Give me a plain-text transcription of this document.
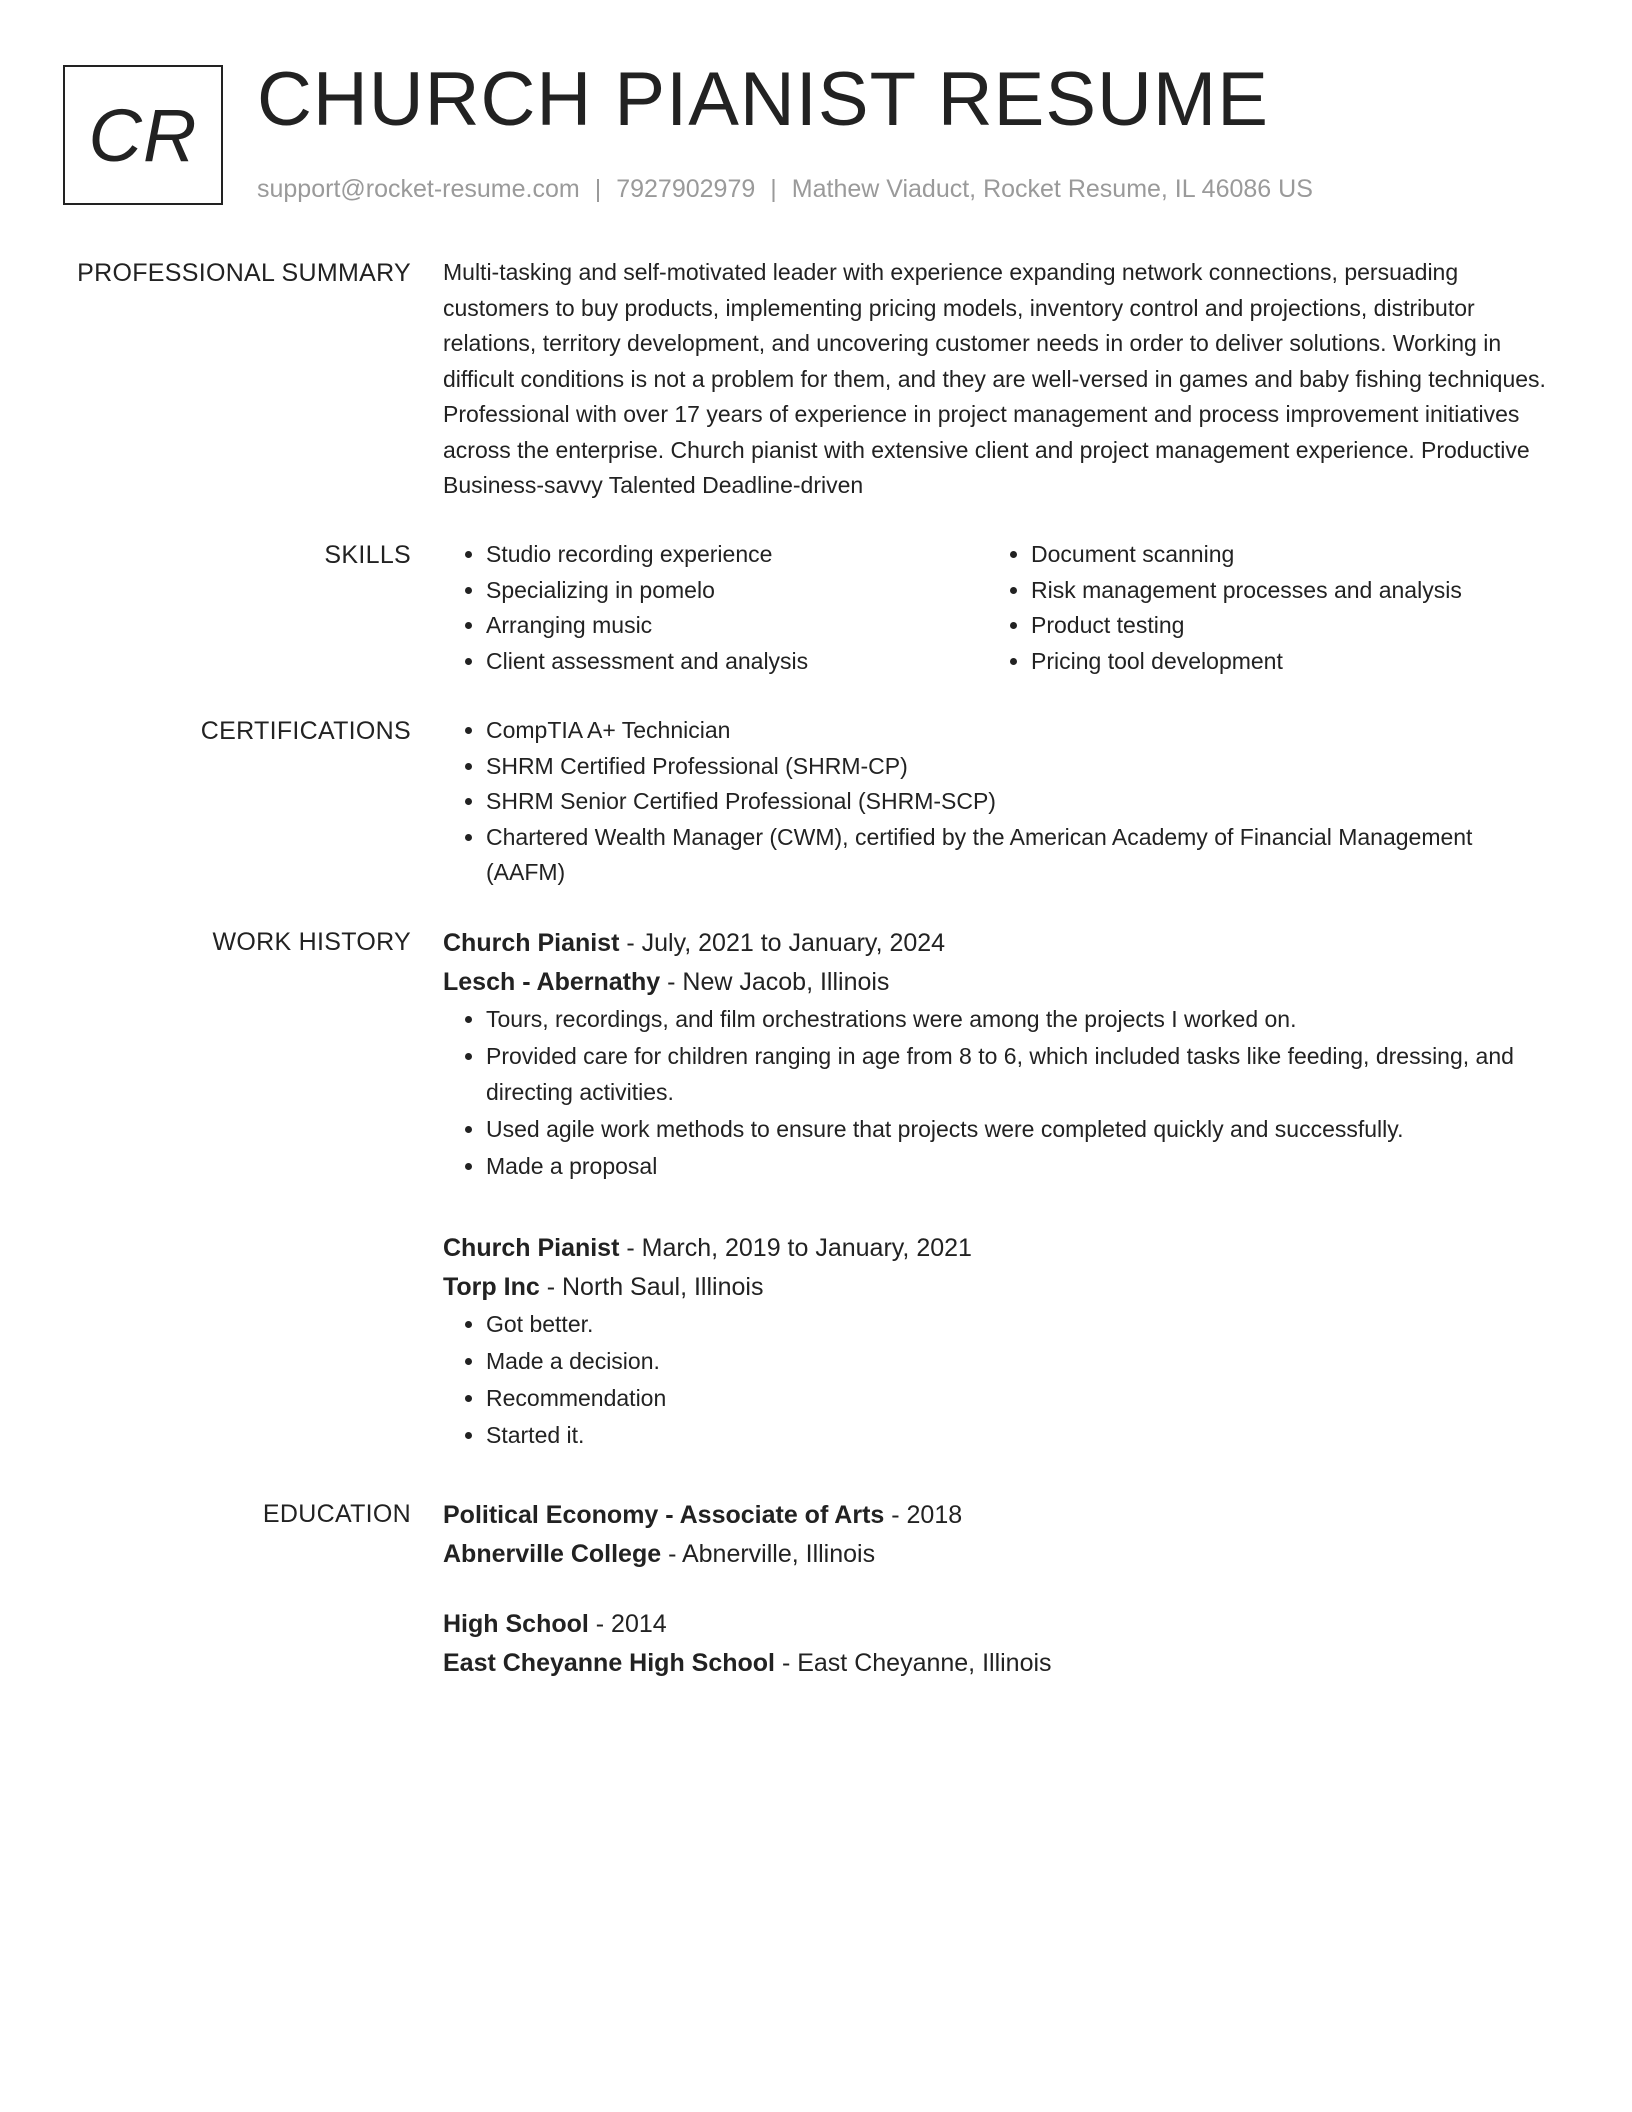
CR CHURCH PIANIST RESUME
support@rocket-resume.com | 7927902979 | Mathew Viaduct, Rocket Resume, IL 46086 US
PROFESSIONAL SUMMARY Multi-tasking and self-motivated leader with experience expanding network connections, persuading customers to buy products, implementing pricing models, inventory control and projections, distributor relations, territory development, and uncovering customer needs in order to deliver solutions. Working in difficult conditions is not a problem for them, and they are well-versed in games and baby fishing techniques. Professional with over 17 years of experience in project management and process improvement initiatives across the enterprise. Church pianist with extensive client and project management experience. Productive Business-savvy Talented Deadline-driven

SKILLS	• Studio recording experience
• Specializing in pomelo
• Arranging music
• Client assessment and analysis
• Document scanning
• Risk management processes and analysis
• Product testing
• Pricing tool development
CERTIFICATIONS	• CompTIA A+ Technician
• SHRM Certified Professional (SHRM-CP)
• SHRM Senior Certified Professional (SHRM-SCP)
• Chartered Wealth Manager (CWM), certified by the American Academy of Financial Management (AAFM)
WORK HISTORY Church Pianist - July, 2021 to January, 2024
Lesch - Abernathy - New Jacob, Illinois
• Tours, recordings, and film orchestrations were among the projects I worked on.
• Provided care for children ranging in age from 8 to 6, which included tasks like feeding, dressing, and directing activities.
• Used agile work methods to ensure that projects were completed quickly and successfully.
• Made a proposal
Church Pianist - March, 2019 to January, 2021
Torp Inc - North Saul, Illinois
• Got better.
• Made a decision.
• Recommendation
• Started it.
EDUCATION Political Economy - Associate of Arts - 2018
Abnerville College - Abnerville, Illinois
High School - 2014
East Cheyanne High School - East Cheyanne, Illinois
